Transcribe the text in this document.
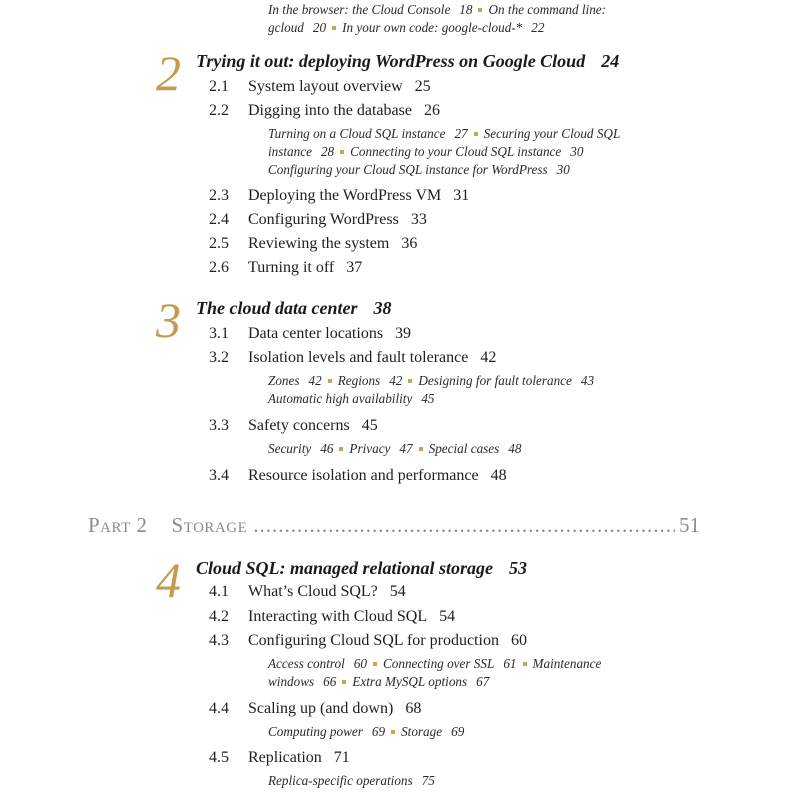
In the browser: the Cloud Console 18 On the command line:
gcloud 20 In your own code: google-cloud-* 22
2 Trying it out: deploying WordPress on Google Cloud 24
2.1 System layout overview 25
2.2 Digging into the database 26
Turning on a Cloud SQL instance 27 Securing your Cloud SQL
instance 28 Connecting to your Cloud SQL instance 30
Configuring your Cloud SQL instance for WordPress 30
2.3 Deploying the WordPress VM 31
2.4 Configuring WordPress 33
2.5 Reviewing the system 36
2.6 Turning it off 37
3 The cloud data center 38
3.1 Data center locations 39
3.2 Isolation levels and fault tolerance 42
Zones 42 Regions 42 Designing for fault tolerance 43
Automatic high availability 45
3.3 Safety concerns 45
Security 46 Privacy 47 Special cases 48
3.4 Resource isolation and performance 48
Part 2 Storage
.....	51
4 Cloud SQL: managed relational storage 53
4.1 What’s Cloud SQL? 54
4.2 Interacting with Cloud SQL 54
4.3 Configuring Cloud SQL for production 60
Access control 60 Connecting over SSL 61 Maintenance
windows 66 Extra MySQL options 67
4.4 Scaling up (and down) 68
Computing power 69 Storage 69
4.5 Replication 71
Replica-specific operations 75
